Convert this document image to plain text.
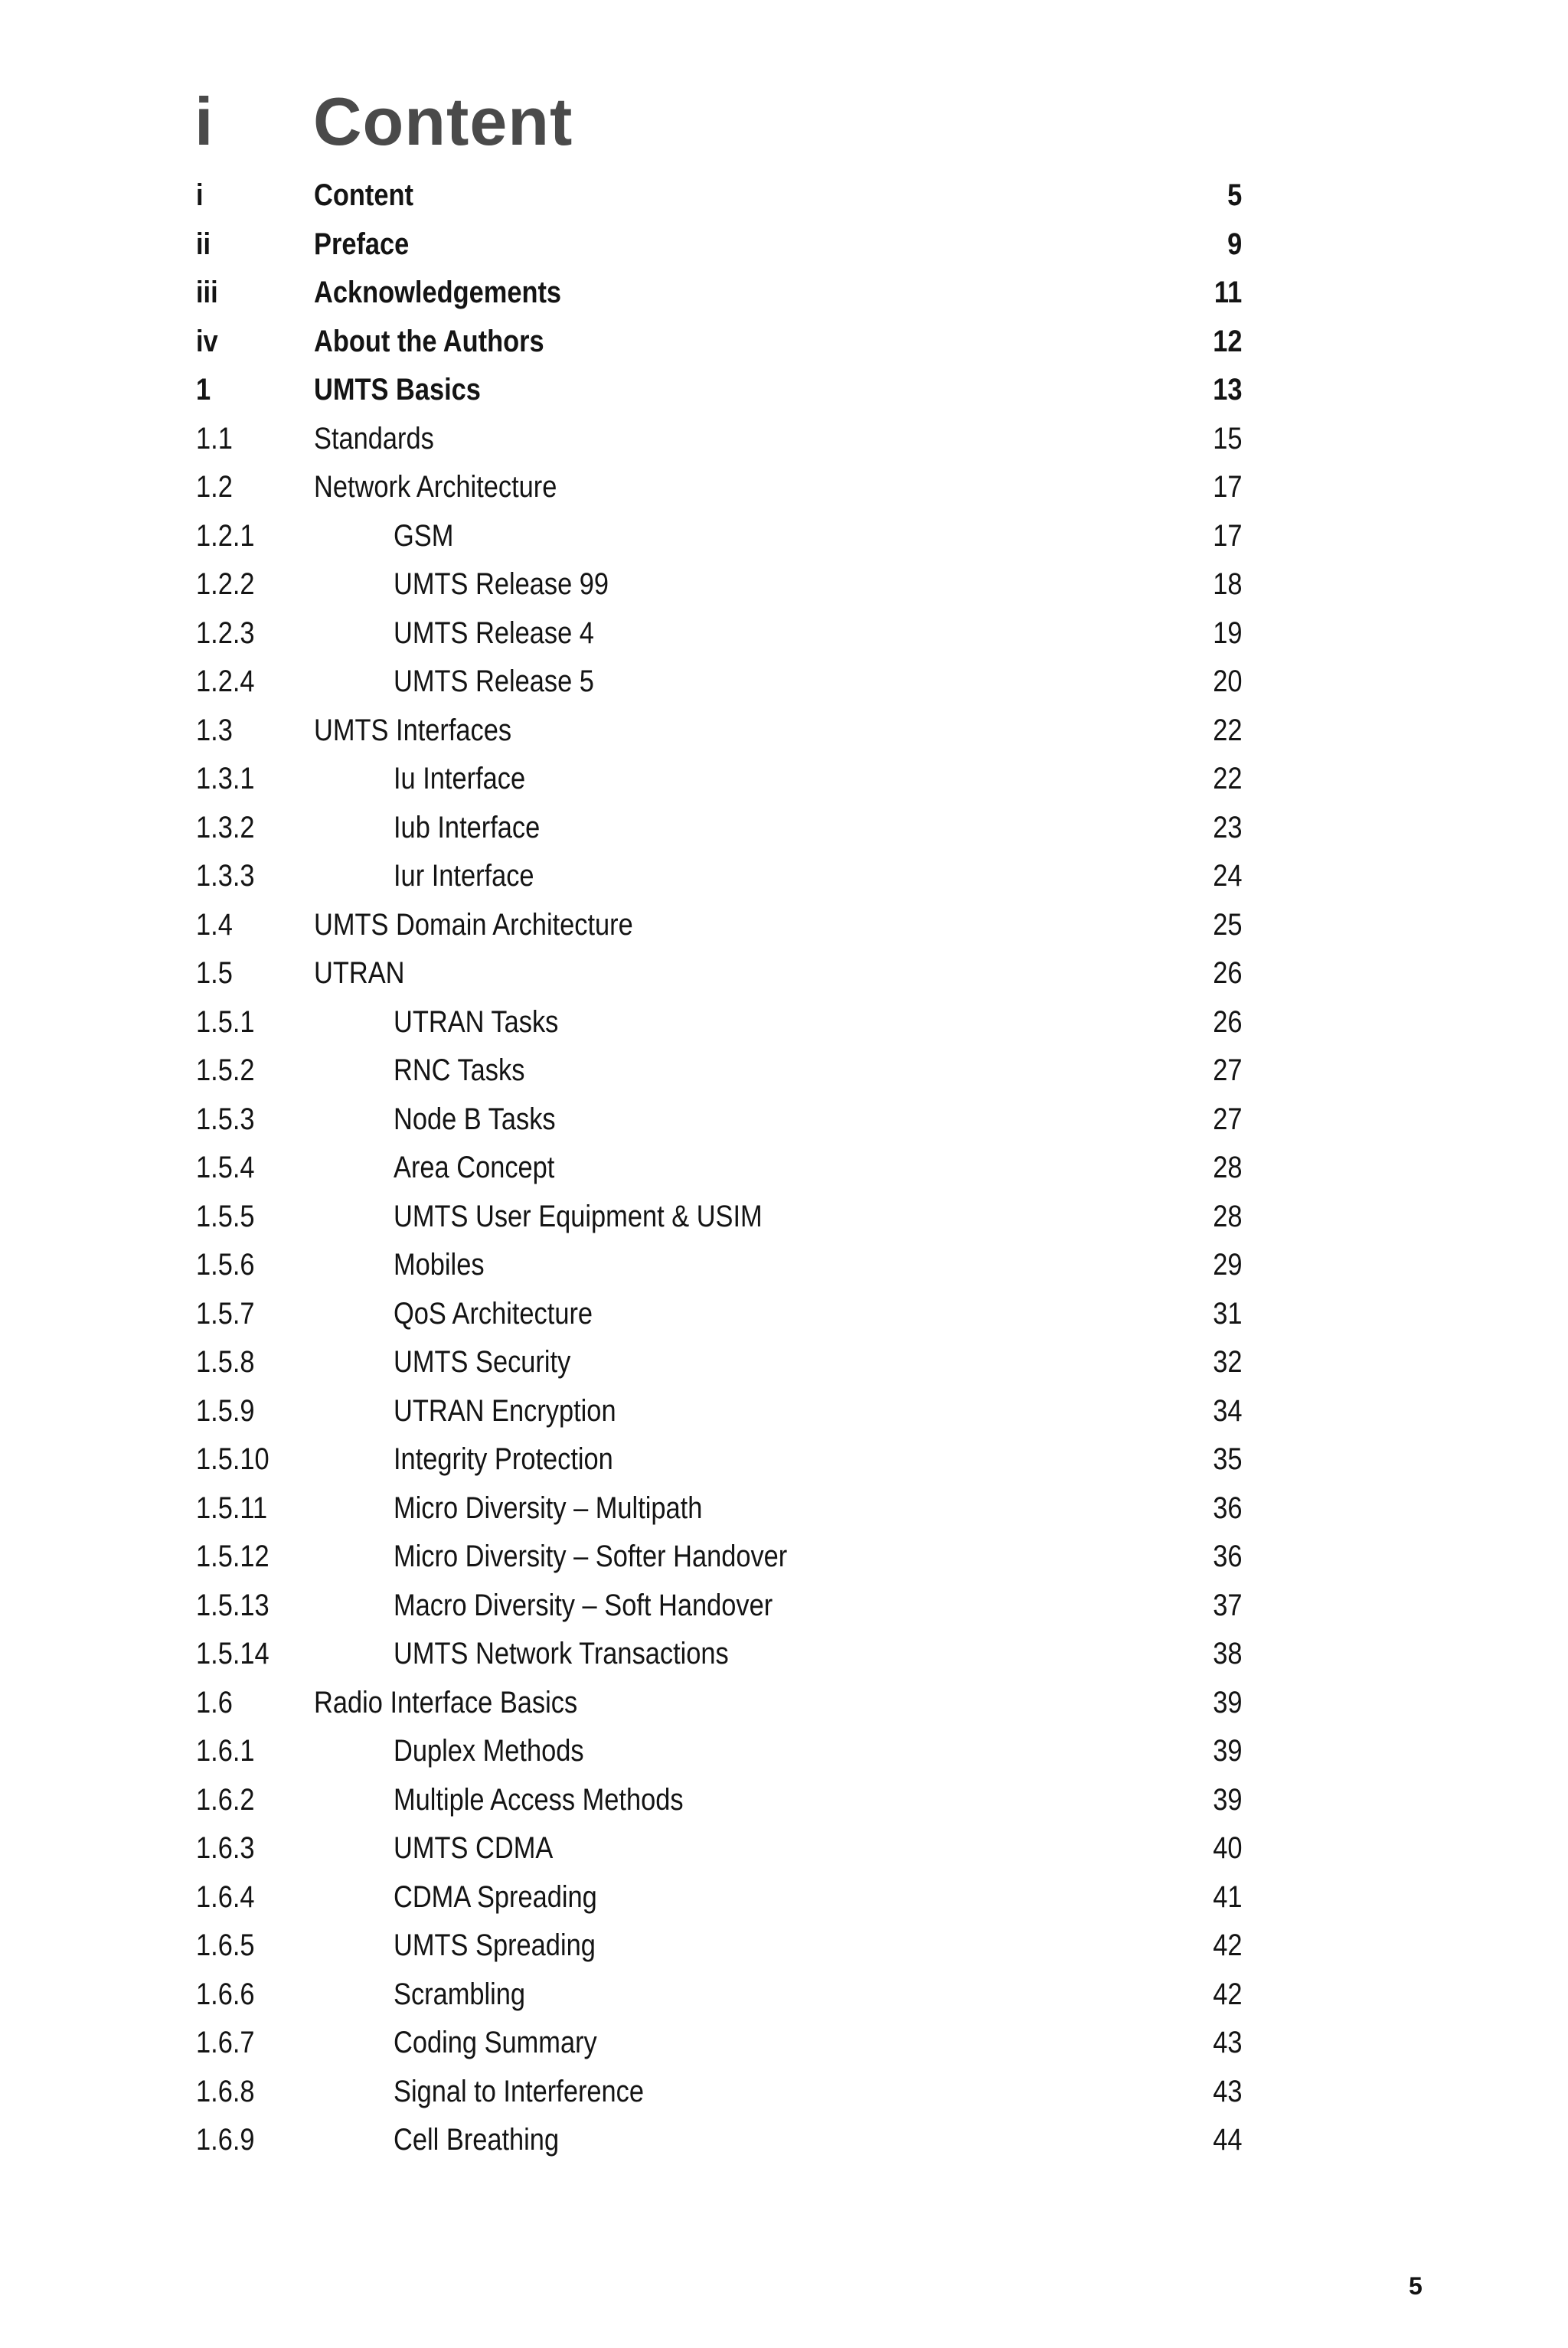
i	Content
i	Content	5
ii	Preface	9
iii	Acknowledgements	11
iv	About the Authors	12
1	UMTS Basics	13
1.1	Standards	15
1.2	Network Architecture	17
1.2.1	GSM	17
1.2.2	UMTS Release 99	18
1.2.3	UMTS Release 4	19
1.2.4	UMTS Release 5	20
1.3	UMTS Interfaces	22
1.3.1	Iu Interface	22
1.3.2	Iub Interface	23
1.3.3	Iur Interface	24
1.4	UMTS Domain Architecture	25
1.5	UTRAN	26
1.5.1	UTRAN Tasks	26
1.5.2	RNC Tasks	27
1.5.3	Node B Tasks	27
1.5.4	Area Concept	28
1.5.5	UMTS User Equipment & USIM	28
1.5.6	Mobiles	29
1.5.7	QoS Architecture	31
1.5.8	UMTS Security	32
1.5.9	UTRAN Encryption	34
1.5.10	Integrity Protection	35
1.5.11	Micro Diversity – Multipath	36
1.5.12	Micro Diversity – Softer Handover	36
1.5.13	Macro Diversity – Soft Handover	37
1.5.14	UMTS Network Transactions	38
1.6	Radio Interface Basics	39
1.6.1	Duplex Methods	39
1.6.2	Multiple Access Methods	39
1.6.3	UMTS CDMA	40
1.6.4	CDMA Spreading	41
1.6.5	UMTS Spreading	42
1.6.6	Scrambling	42
1.6.7	Coding Summary	43
1.6.8	Signal to Interference	43
1.6.9	Cell Breathing	44
5
